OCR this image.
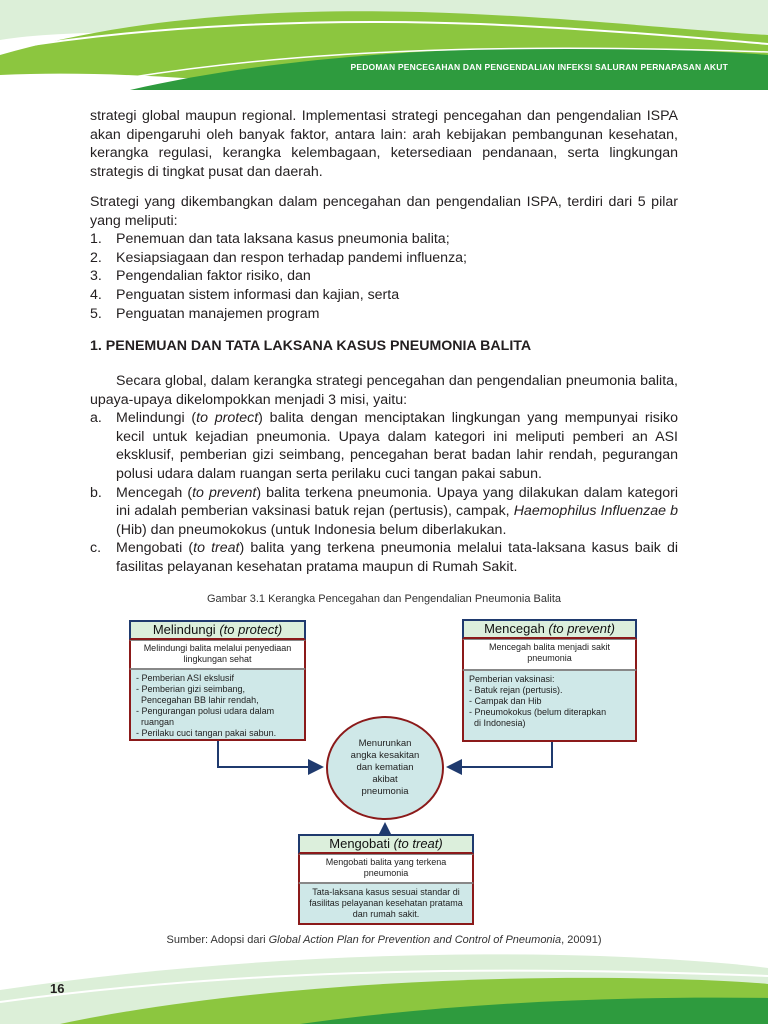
PEDOMAN PENCEGAHAN DAN PENGENDALIAN INFEKSI SALURAN PERNAPASAN AKUT
strategi global maupun regional. Implementasi strategi pencegahan dan pengendalian ISPA akan dipengaruhi oleh banyak faktor, antara lain: arah kebijakan pembangunan kesehatan, kerangka regulasi, kerangka kelembagaan, ketersediaan pendanaan, serta lingkungan strategis di tingkat pusat dan daerah.
Strategi yang dikembangkan dalam pencegahan dan pengendalian ISPA, terdiri dari 5 pilar yang meliputi:
1. Penemuan dan tata laksana kasus pneumonia balita;
2. Kesiapsiagaan dan respon terhadap pandemi influenza;
3. Pengendalian faktor risiko, dan
4. Penguatan sistem informasi dan kajian, serta
5. Penguatan manajemen program
1. PENEMUAN DAN TATA LAKSANA KASUS PNEUMONIA BALITA
Secara global, dalam kerangka strategi pencegahan dan pengendalian pneumonia balita, upaya-upaya dikelompokkan menjadi 3 misi, yaitu:
a. Melindungi (to protect) balita dengan menciptakan lingkungan yang mempunyai risiko kecil untuk kejadian pneumonia. Upaya dalam kategori ini meliputi pemberi an ASI eksklusif, pemberian gizi seimbang, pencegahan berat badan lahir rendah, pegurangan polusi udara dalam ruangan serta perilaku cuci tangan pakai sabun.
b. Mencegah (to prevent) balita terkena pneumonia. Upaya yang dilakukan dalam kategori ini adalah pemberian vaksinasi batuk rejan (pertusis), campak, Haemophilus Influenzae b (Hib) dan pneumokokus (untuk Indonesia belum diberlakukan.
c.	Mengobati (to treat) balita yang terkena pneumonia melalui tata-laksana kasus baik di fasilitas pelayanan kesehatan pratama maupun di Rumah Sakit.
Gambar 3.1 Kerangka Pencegahan dan Pengendalian Pneumonia Balita
Melindungi (to protect)
Melindungi balita melalui penyediaan lingkungan sehat
- Pemberian ASI ekslusif
- Pemberian gizi seimbang,
Pencegahan BB lahir rendah,
- Pengurangan polusi udara dalam
ruangan
- Perilaku cuci tangan pakai sabun.
Mencegah (to prevent)
Mencegah balita menjadi sakit pneumonia
Pemberian vaksinasi:
- Batuk rejan (pertusis).
- Campak dan Hib
- Pneumokokus (belum diterapkan
di Indonesia)
Menurunkan angka kesakitan dan kematian akibat pneumonia
Mengobati (to treat)
Mengobati balita yang terkena pneumonia
Tata-laksana kasus sesuai standar di fasilitas pelayanan kesehatan pratama dan rumah sakit.
Sumber: Adopsi dari Global Action Plan for Prevention and Control of Pneumonia, 20091)
16
